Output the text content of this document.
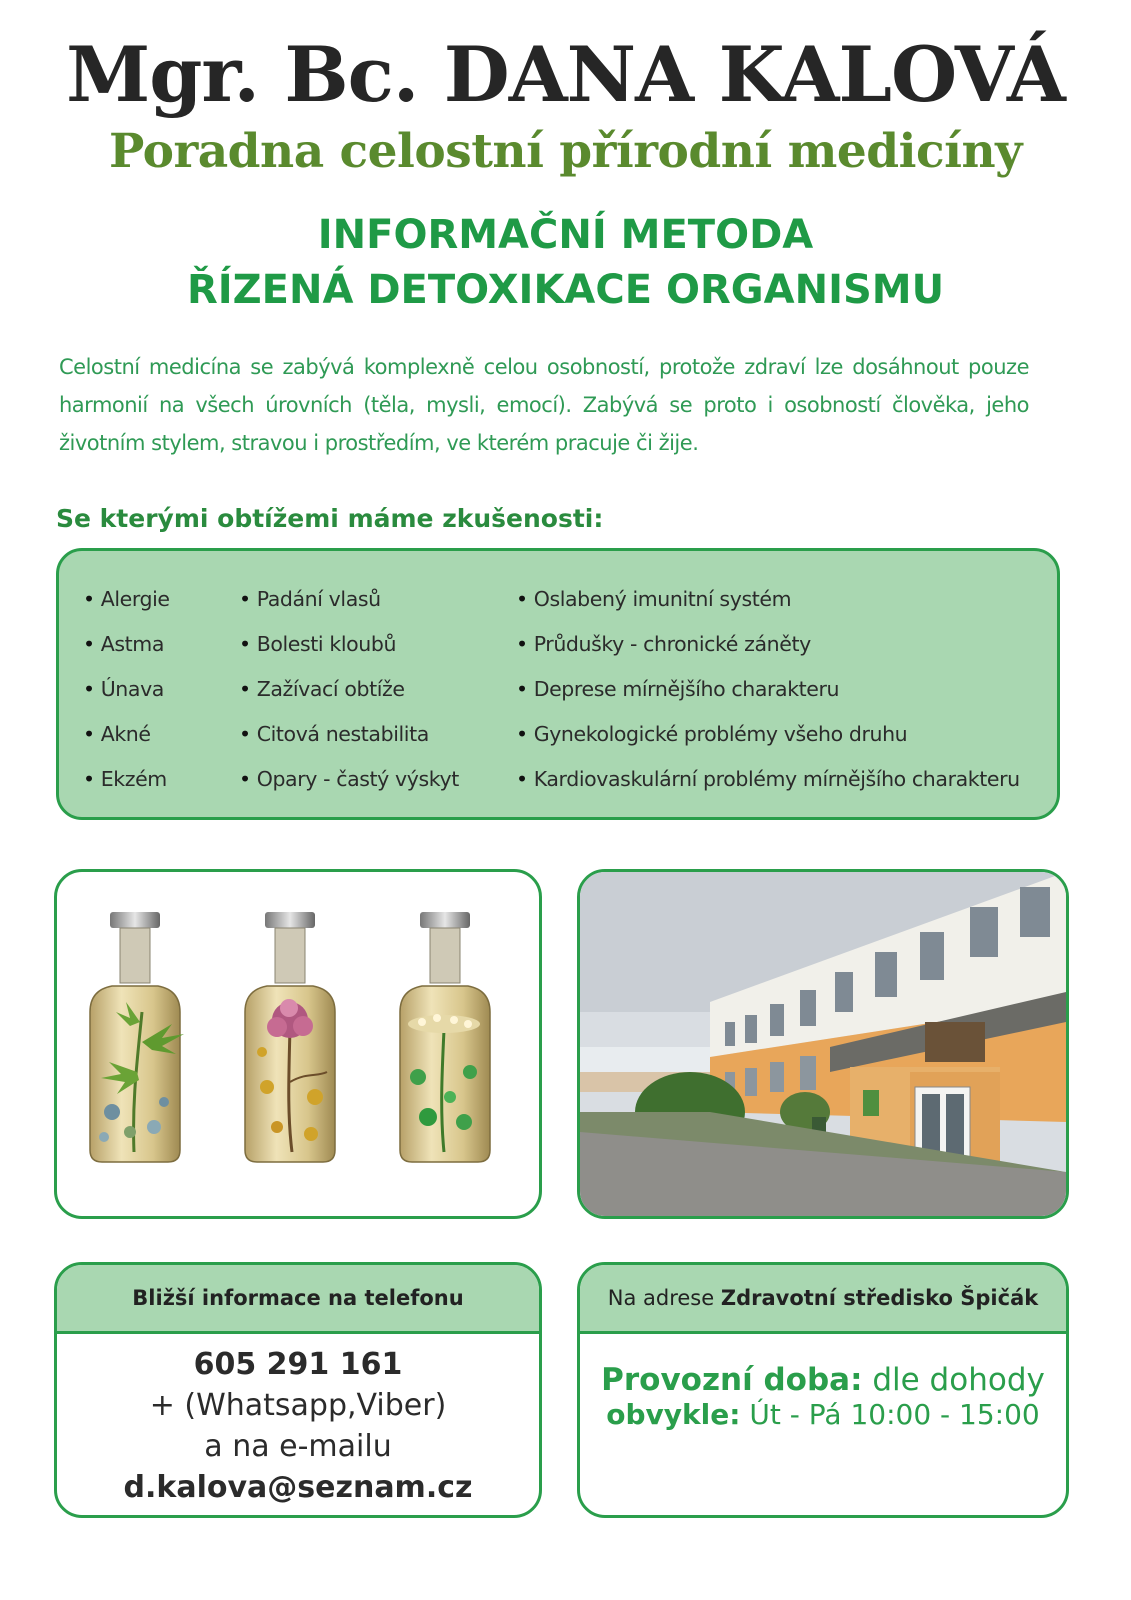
Mgr. Bc. DANA KALOVÁ
Poradna celostní přírodní medicíny
INFORMAČNÍ METODA
ŘÍZENÁ DETOXIKACE ORGANISMU
Celostní medicína se zabývá komplexně celou osobností, protože zdraví lze dosáhnout pouze harmonií na všech úrovních (těla, mysli, emocí). Zabývá se proto i osobností člověka, jeho životním stylem, stravou i prostředím, ve kterém pracuje či žije.
Se kterými obtížemi máme zkušenosti:
• Alergie
• Astma
• Únava
• Akné
• Ekzém
• Padání vlasů
• Bolesti kloubů
• Zažívací obtíže
• Citová nestabilita
• Opary - častý výskyt
• Oslabený imunitní systém
• Průdušky - chronické záněty
• Deprese mírnějšího charakteru
• Gynekologické problémy všeho druhu
• Kardiovaskulární problémy mírnějšího charakteru
Bližší informace na telefonu
605 291 161
+ (Whatsapp,Viber)
a na e-mailu
d.kalova@seznam.cz
Na adrese Zdravotní středisko Špičák
Provozní doba: dle dohody
obvykle: Út - Pá 10:00 - 15:00
